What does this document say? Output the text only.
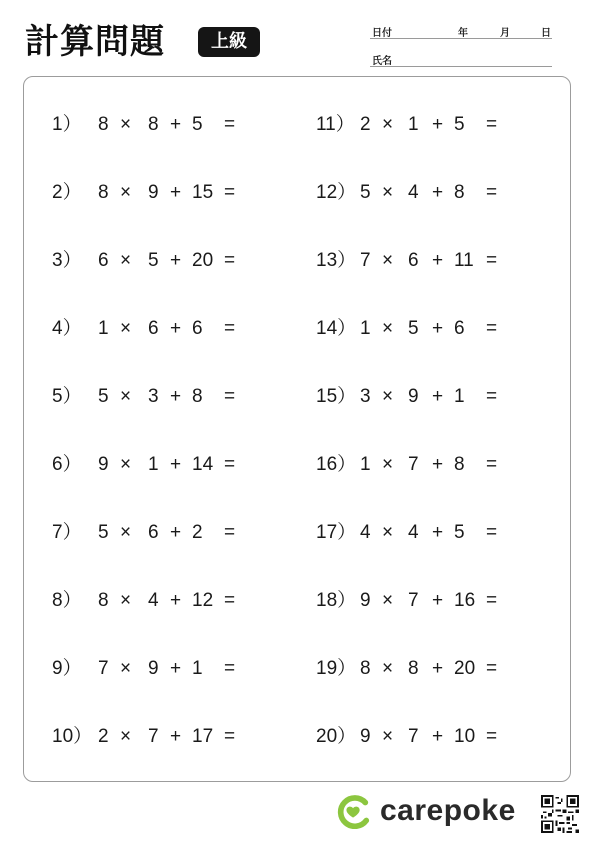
計算問題	上級	日付	年	月	日
氏名
1） 8 × 8 + 5 =
2） 8 × 9 + 15 =
3） 6 × 5 + 20 =
4） 1 × 6 + 6 =
5） 5 × 3 + 8 =
6） 9 × 1 + 14 =
7） 5 × 6 + 2 =
8） 8 × 4 + 12 =
9） 7 × 9 + 1 =
10） 2 × 7 + 17 =
11） 2 × 1 + 5 =
12） 5 × 4 + 8 =
13） 7 × 6 + 11 =
14） 1 × 5 + 6 =
15） 3 × 9 + 1 =
16） 1 × 7 + 8 =
17） 4 × 4 + 5 =
18） 9 × 7 + 16 =
19） 8 × 8 + 20 =
20） 9 × 7 + 10 =
carepoke
